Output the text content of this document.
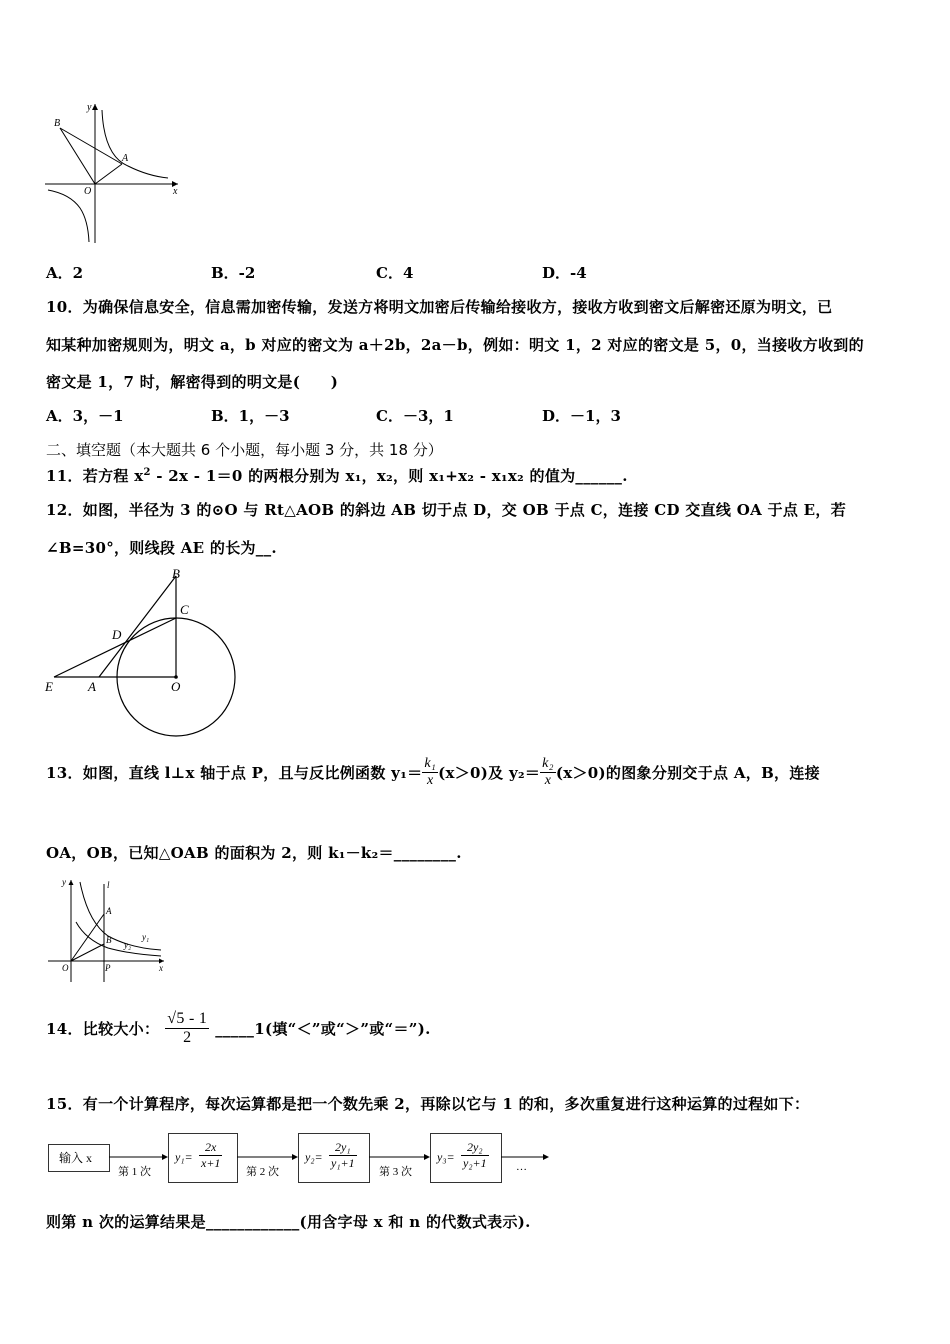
y
x
O
A
B
A．2	B．-2	C．4	D．-4
10．为确保信息安全，信息需加密传输，发送方将明文加密后传输给接收方，接收方收到密文后解密还原为明文，已
知某种加密规则为，明文 a，b 对应的密文为 a＋2b，2a－b，例如：明文 1，2 对应的密文是 5，0，当接收方收到的
密文是 1，7 时，解密得到的明文是(　　)
A．3，－1	B．1，－3	C．－3，1	D．－1，3
二、填空题（本大题共 6 个小题，每小题 3 分，共 18 分）
11．若方程 $x^2 - 2x - 1=0$ 的两根分别为 x₁，x₂，则 x₁+x₂ - x₁x₂ 的值为______.
12．如图，半径为 3 的⊙O 与 Rt△AOB 的斜边 AB 切于点 D，交 OB 于点 C，连接 CD 交直线 OA 于点 E，若
∠B=30°，则线段 AE 的长为__.
B
C
D
E	A	O
13．如图，直线 l⊥x 轴于点 P，且与反比例函数 $y_1= \frac{\text{k₁}}{x} (x>0)$及 $y_2= \frac{\text{k₂}}{x} (x>0)$的图象分别交于点 A，B，连接
OA，OB，已知△OAB 的面积为 2，则 k₁－k₂＝________.
y	l
A
B	y₁
y₂
O	P	x
14．比较大小： $\frac{√5 - 1}{2}$ _____1(填“＜”或“＞”或“＝”).
15．有一个计算程序，每次运算都是把一个数先乘 2，再除以它与 1 的和，多次重复进行这种运算的过程如下：
输入 x	$y_1= \frac{2x}{x+1}$	$y_2= \frac{\text{2y₁}}{\text{y₁+1}}$	$y_3= \frac{\text{2y₂}}{\text{y₂+1}}$
第 1 次	第 2 次	第 3 次	…
则第 n 次的运算结果是____________(用含字母 x 和 n 的代数式表示).
